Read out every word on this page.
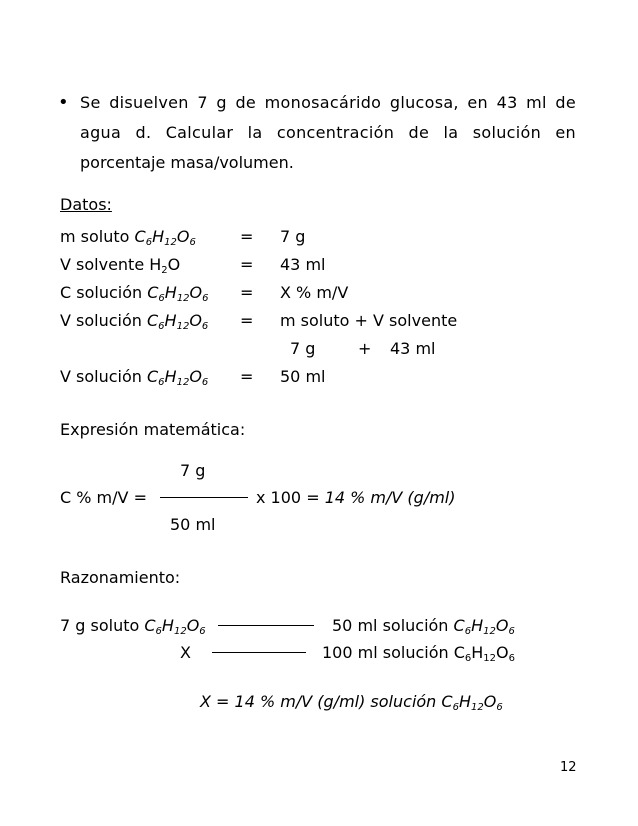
• Se disuelven 7 g de monosacárido glucosa, en 43 ml de
agua d. Calcular la concentración de la solución en
porcentaje masa/volumen.
Datos:
m soluto $C_6H_{12}O_6$	= 7 g
V solvente $H_2O$	= 43 ml
C solución $C_6H_{12}O_6 = X$ % m/V
V solución $C_6H_{12}O_6 = m$ soluto + V solvente
7 g	+ 43 ml
V solución $C_6H_{12}O_6 = 50$ ml
Expresión matemática:
7 g
C % m/V =	x 100 = 14 % m/V (g/ml)
50 ml
Razonamiento:
7 g soluto $C_6H_{12}O_6$	50 ml solución $C_6H_{12}O_6$
X	100 ml solución $C_6H_{12}O_6$
X = 14 % m/V (g/ml) solución $C_6H_{12}O_6$
12
